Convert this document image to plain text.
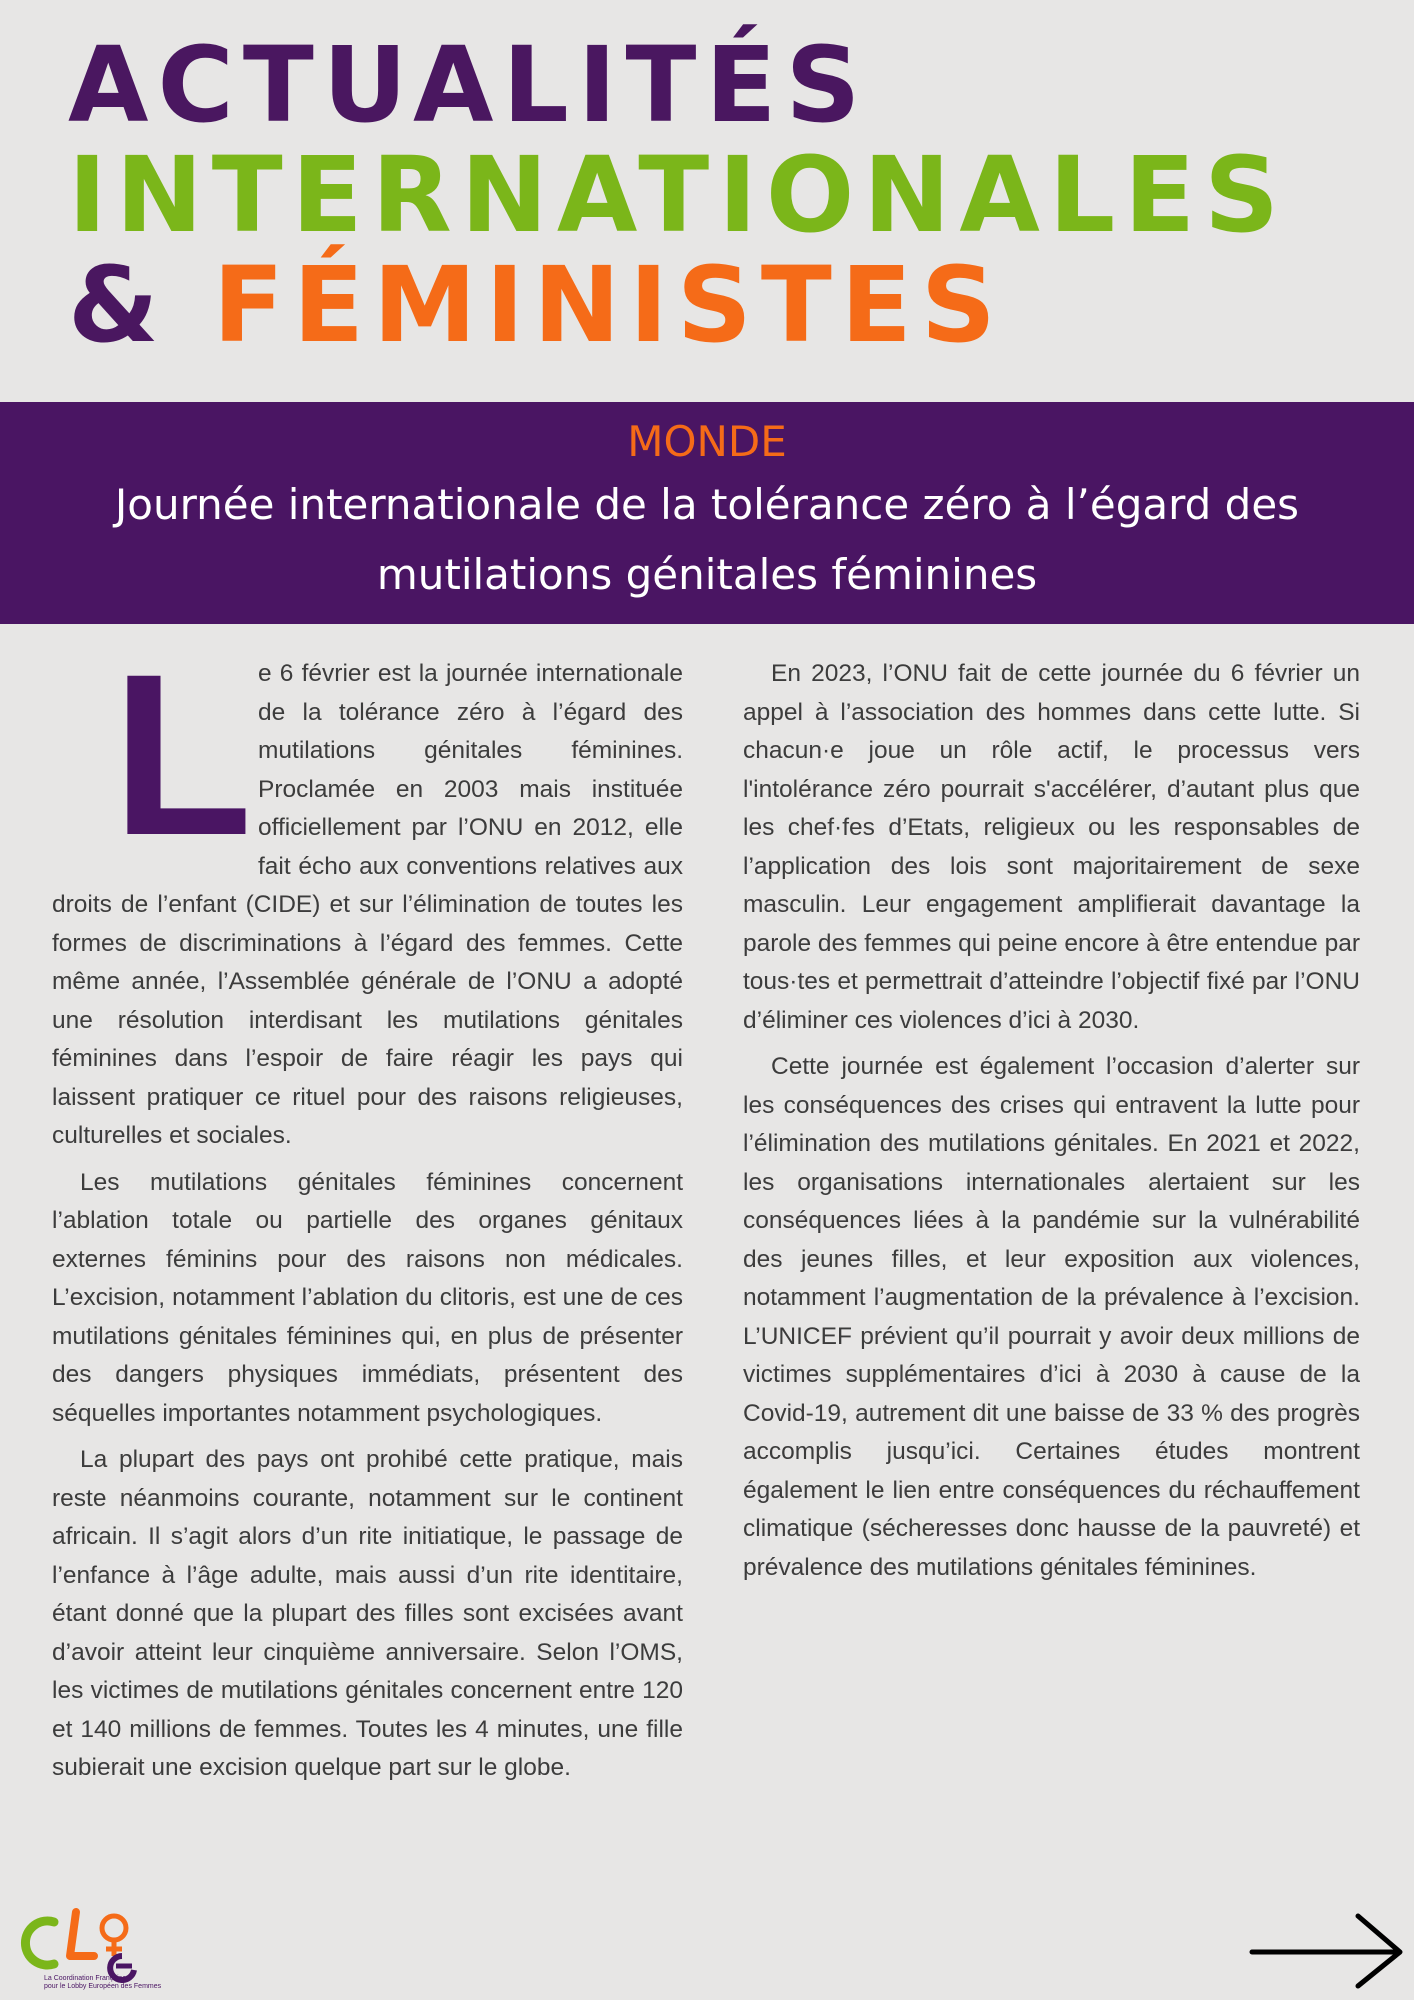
ACTUALITÉS
INTERNATIONALES
& FÉMINISTES
MONDE
Journée internationale de la tolérance zéro à l’égard des mutilations génitales féminines
L e 6 février est la journée internationale de la tolérance zéro à l’égard des mutilations génitales féminines. Proclamée en 2003 mais instituée officiellement par l’ONU en 2012, elle fait écho aux conventions relatives aux droits de l’enfant (CIDE) et sur l’élimination de toutes les formes de discriminations à l’égard des femmes. Cette même année, l’Assemblée générale de l’ONU a adopté une résolution interdisant les mutilations génitales féminines dans l’espoir de faire réagir les pays qui laissent pratiquer ce rituel pour des raisons religieuses, culturelles et sociales.

Les mutilations génitales féminines concernent l’ablation totale ou partielle des organes génitaux externes féminins pour des raisons non médicales. L’excision, notamment l’ablation du clitoris, est une de ces mutilations génitales féminines qui, en plus de présenter des dangers physiques immédiats, présentent des séquelles importantes notamment psychologiques.

La plupart des pays ont prohibé cette pratique, mais reste néanmoins courante, notamment sur le continent africain. Il s’agit alors d’un rite initiatique, le passage de l’enfance à l’âge adulte, mais aussi d’un rite identitaire, étant donné que la plupart des filles sont excisées avant d’avoir atteint leur cinquième anniversaire. Selon l’OMS, les victimes de mutilations génitales concernent entre 120 et 140 millions de femmes. Toutes les 4 minutes, une fille subierait une excision quelque part sur le globe.

En 2023, l’ONU fait de cette journée du 6 février un appel à l’association des hommes dans cette lutte. Si chacun·e joue un rôle actif, le processus vers l'intolérance zéro pourrait s'accélérer, d’autant plus que les chef·fes d’Etats, religieux ou les responsables de l’application des lois sont majoritairement de sexe masculin. Leur engagement amplifierait davantage la parole des femmes qui peine encore à être entendue par tous·tes et permettrait d’atteindre l’objectif fixé par l’ONU d’éliminer ces violences d’ici à 2030.

Cette journée est également l’occasion d’alerter sur les conséquences des crises qui entravent la lutte pour l’élimination des mutilations génitales. En 2021 et 2022, les organisations internationales alertaient sur les conséquences liées à la pandémie sur la vulnérabilité des jeunes filles, et leur exposition aux violences, notamment l’augmentation de la prévalence à l’excision. L’UNICEF prévient qu’il pourrait y avoir deux millions de victimes supplémentaires d’ici à 2030 à cause de la Covid-19, autrement dit une baisse de 33 % des progrès accomplis jusqu’ici. Certaines études montrent également le lien entre conséquences du réchauffement climatique (sécheresses donc hausse de la pauvreté) et prévalence des mutilations génitales féminines.

La Coordination Française
pour le Lobby Européen des Femmes
